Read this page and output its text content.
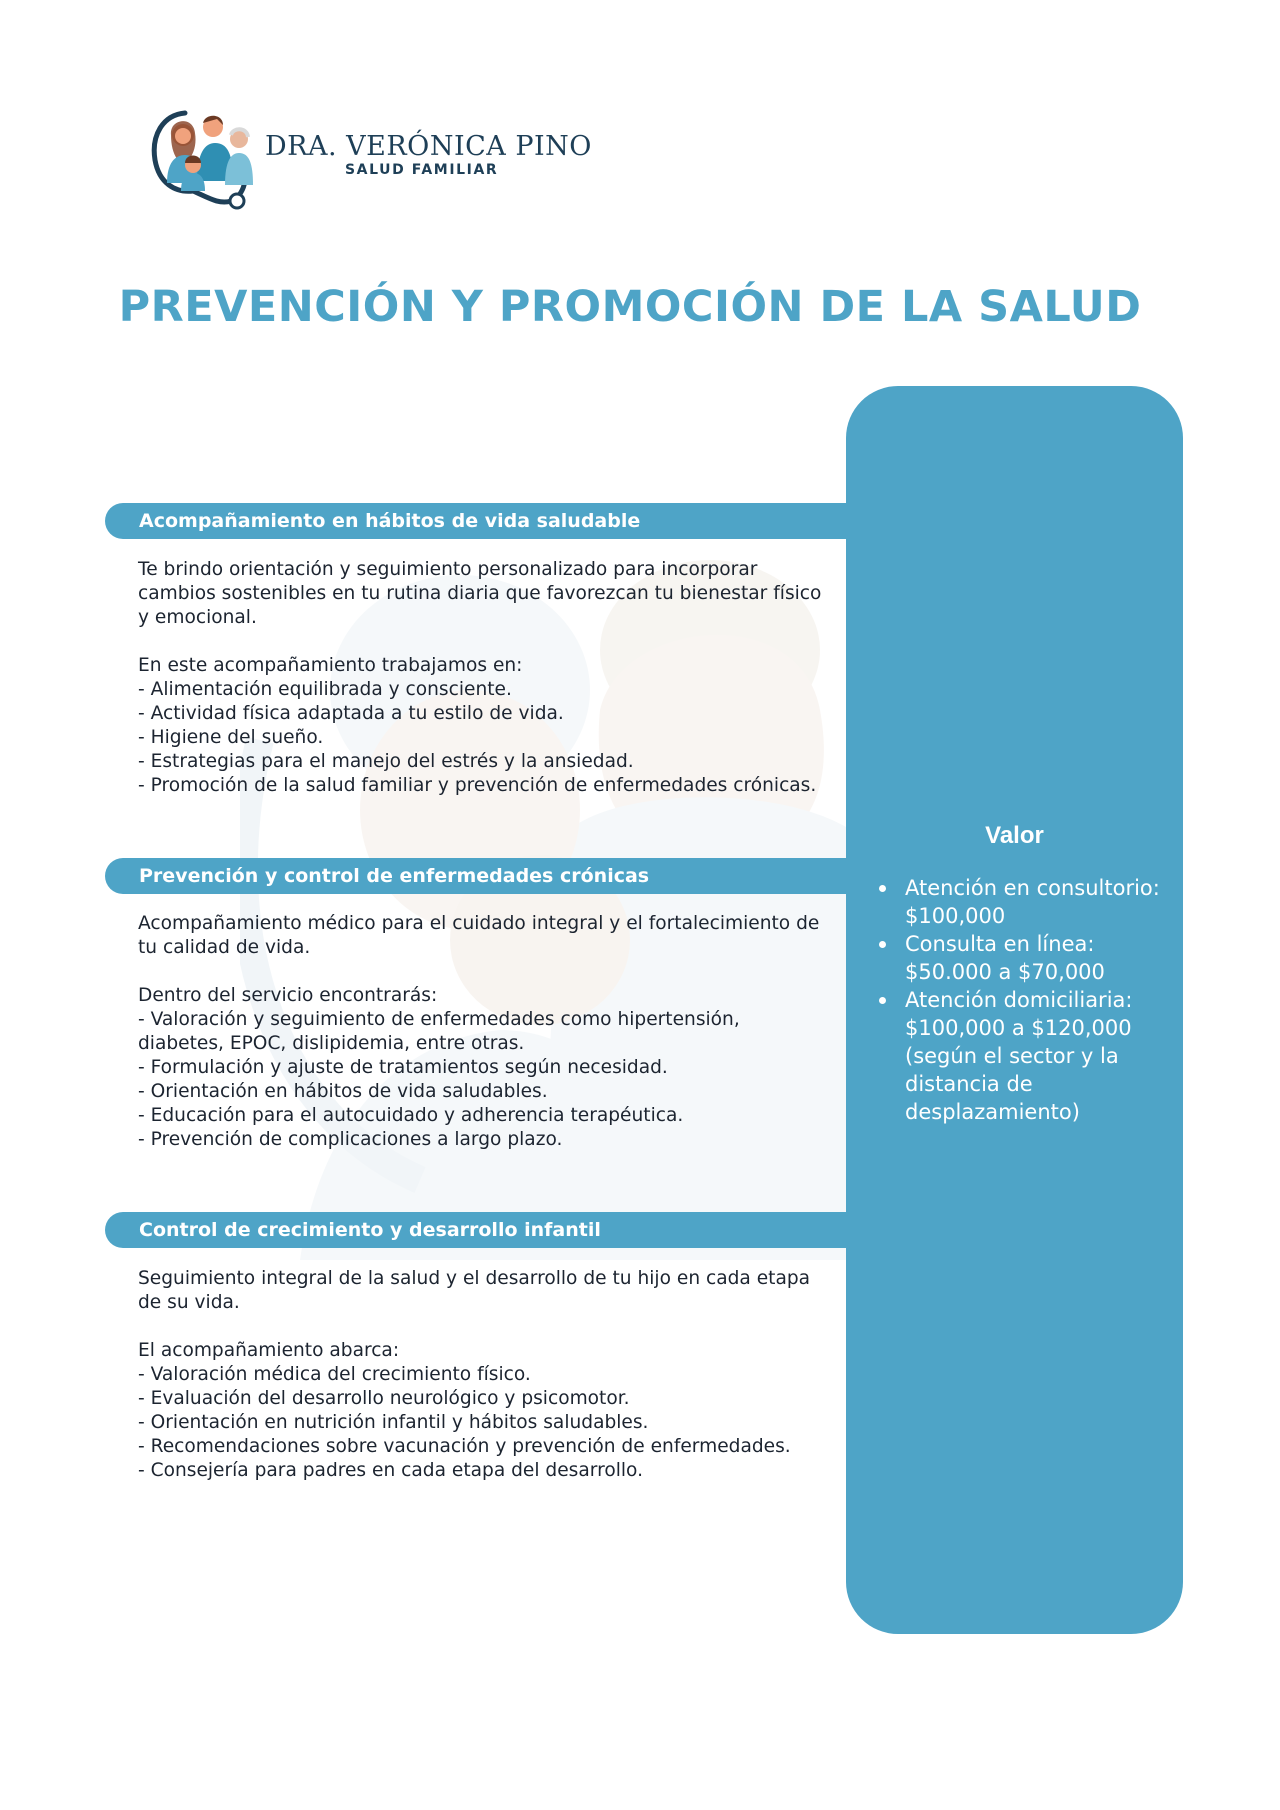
DRA. VERÓNICA PINO
SALUD FAMILIAR
PREVENCIÓN Y PROMOCIÓN DE LA SALUD
Valor
Atención en consultorio: $100,000
Consulta en línea: $50.000 a $70,000
Atención domiciliaria: $100,000 a $120,000 (según el sector y la distancia de desplazamiento)
Acompañamiento en hábitos de vida saludable

Te brindo orientación y seguimiento personalizado para incorporar cambios sostenibles en tu rutina diaria que favorezcan tu bienestar físico y emocional.

En este acompañamiento trabajamos en:

- Alimentación equilibrada y consciente.
- Actividad física adaptada a tu estilo de vida.
- Higiene del sueño.
- Estrategias para el manejo del estrés y la ansiedad.
- Promoción de la salud familiar y prevención de enfermedades crónicas.
Prevención y control de enfermedades crónicas

Acompañamiento médico para el cuidado integral y el fortalecimiento de tu calidad de vida.

Dentro del servicio encontrarás:

- Valoración y seguimiento de enfermedades como hipertensión, diabetes, EPOC, dislipidemia, entre otras.
- Formulación y ajuste de tratamientos según necesidad.
- Orientación en hábitos de vida saludables.
- Educación para el autocuidado y adherencia terapéutica.
- Prevención de complicaciones a largo plazo.
Control de crecimiento y desarrollo infantil

Seguimiento integral de la salud y el desarrollo de tu hijo en cada etapa de su vida.

El acompañamiento abarca:

- Valoración médica del crecimiento físico.
- Evaluación del desarrollo neurológico y psicomotor.
- Orientación en nutrición infantil y hábitos saludables.
- Recomendaciones sobre vacunación y prevención de enfermedades.
- Consejería para padres en cada etapa del desarrollo.
